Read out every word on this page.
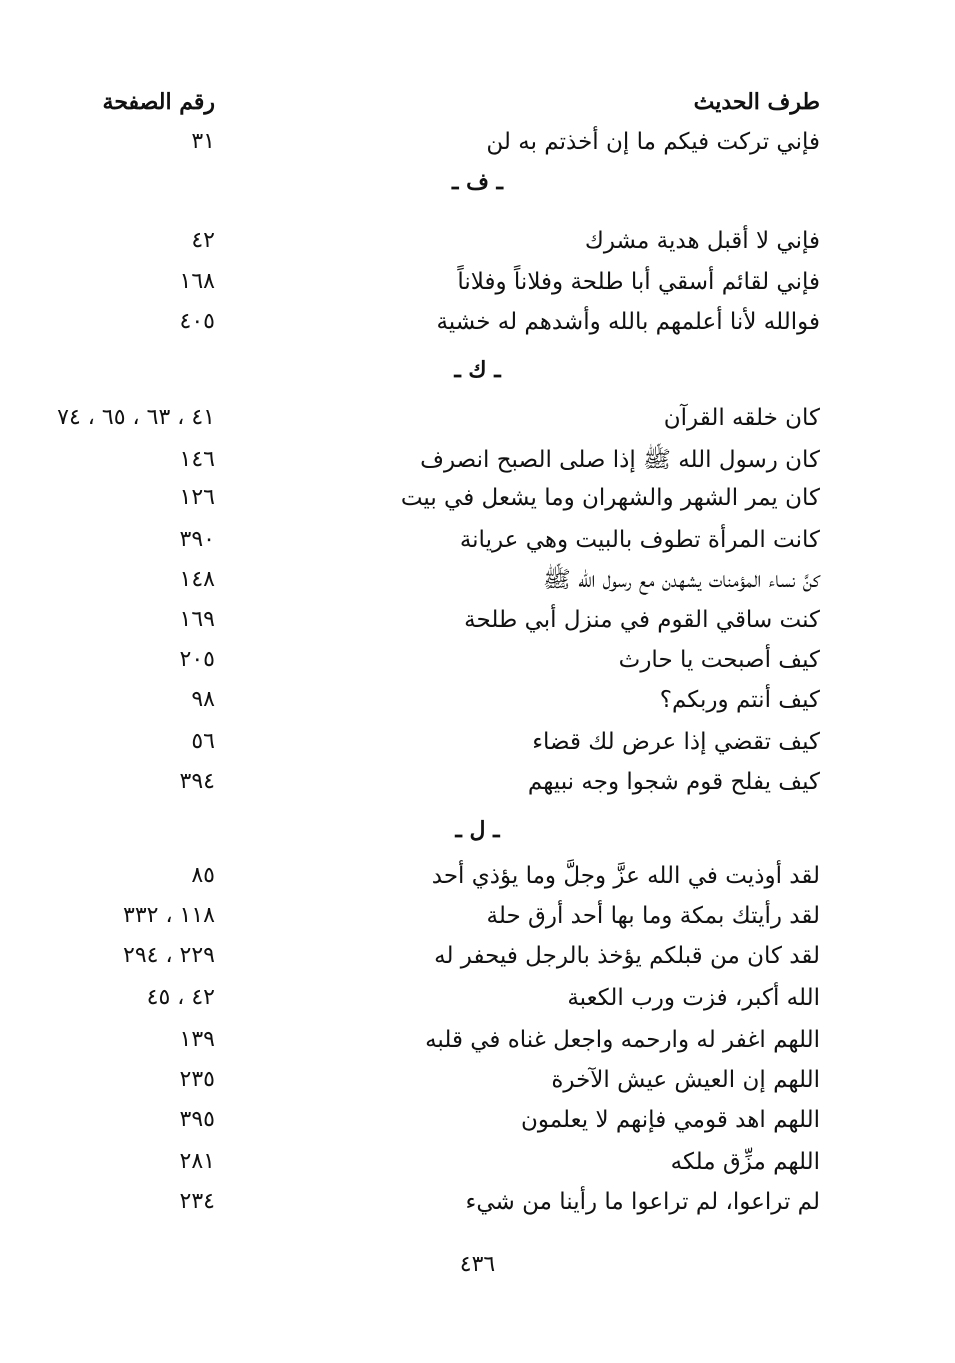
طرف الحديث
رقم الصفحة
فإني تركت فيكم ما إن أخذتم به لن
٣١
ـ ف ـ
فإني لا أقبل هدية مشرك
٤٢
فإني لقائم أسقي أبا طلحة وفلاناً وفلاناً
١٦٨
فوالله لأنا أعلمهم بالله وأشدهم له خشية
٤٠٥
ـ ك ـ
كان خلقه القرآن
٤١ ، ٦٣ ، ٦٥ ، ٧٤
كان رسول الله ﷺ إذا صلى الصبح انصرف
١٤٦
كان يمر الشهر والشهران وما يشعل في بيت
١٢٦
كانت المرأة تطوف بالبيت وهي عريانة
٣٩٠
كنَّ نساء المؤمنات يشهدن مع رسول الله ﷺ
١٤٨
كنت ساقي القوم في منزل أبي طلحة
١٦٩
كيف أصبحت يا حارث
٢٠٥
كيف أنتم وربكم؟
٩٨
كيف تقضي إذا عرض لك قضاء
٥٦
كيف يفلح قوم شجوا وجه نبيهم
٣٩٤
ـ ل ـ
لقد أوذيت في الله عزَّ وجلَّ وما يؤذي أحد
٨٥
لقد رأيتك بمكة وما بها أحد أرق حلة
١١٨ ، ٣٣٢
لقد كان من قبلكم يؤخذ بالرجل فيحفر له
٢٢٩ ، ٢٩٤
الله أكبر، فزت ورب الكعبة
٤٢ ، ٤٥
اللهم اغفر له وارحمه واجعل غناه في قلبه
١٣٩
اللهم إن العيش عيش الآخرة
٢٣٥
اللهم اهد قومي فإنهم لا يعلمون
٣٩٥
اللهم مزِّق ملكه
٢٨١
لم تراعوا، لم تراعوا ما رأينا من شيء
٢٣٤
٤٣٦
